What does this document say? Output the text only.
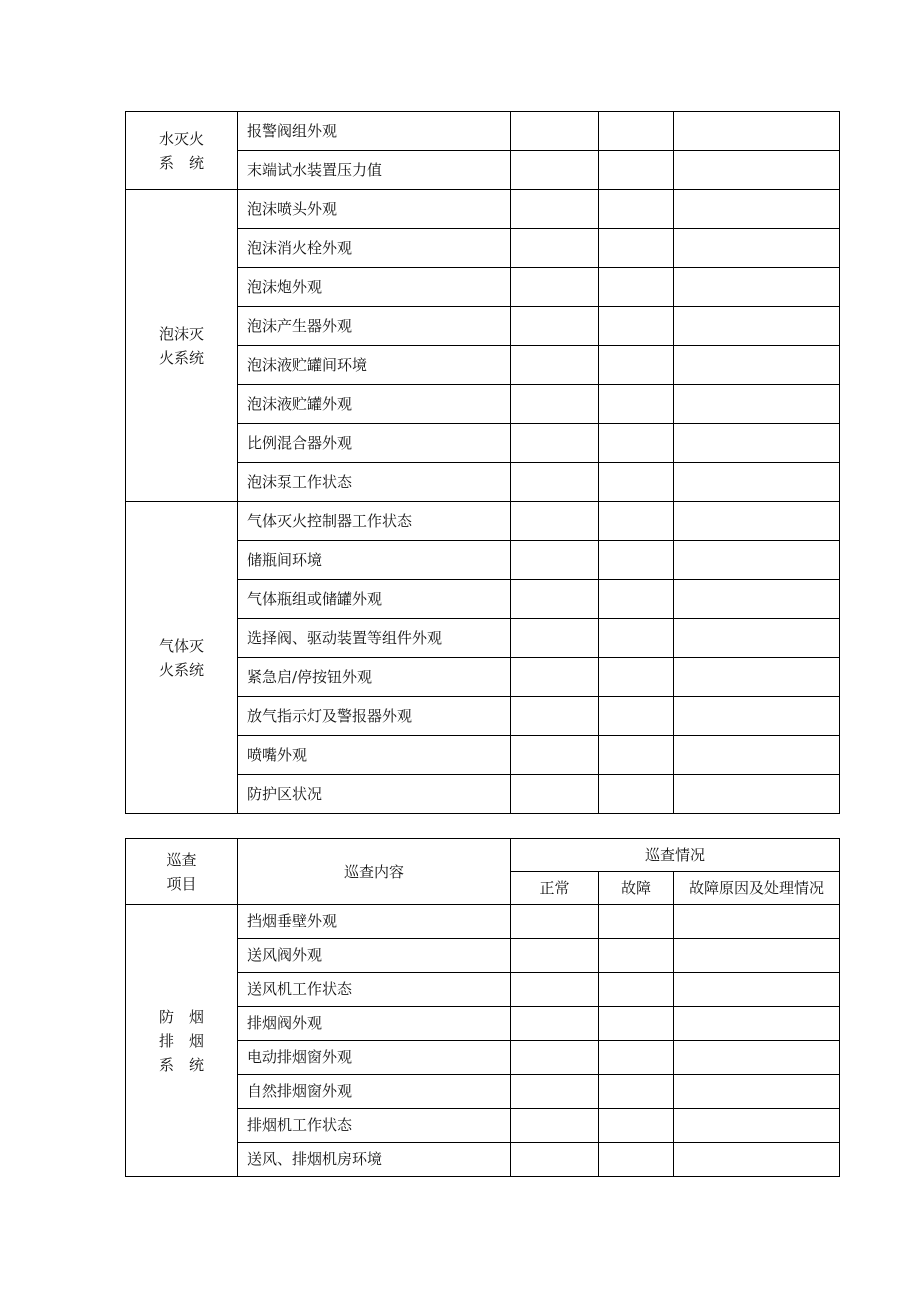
水灭火
系　统	报警阀组外观			
	末端试水装置压力值			

泡沫灭
火系统	泡沫喷头外观			
	泡沫消火栓外观			
	泡沫炮外观			
	泡沫产生器外观			
	泡沫液贮罐间环境			
	泡沫液贮罐外观			
	比例混合器外观			
	泡沫泵工作状态			

气体灭
火系统	气体灭火控制器工作状态			
	储瓶间环境			
	气体瓶组或储罐外观			
	选择阀、驱动装置等组件外观			
	紧急启/停按钮外观			
	放气指示灯及警报器外观			
	喷嘴外观			
	防护区状况			
巡查
项目	巡查内容	巡查情况		
		正常	故障	故障原因及处理情况

防　烟
排　烟
系　统	挡烟垂壁外观			
	送风阀外观			
	送风机工作状态			
	排烟阀外观			
	电动排烟窗外观			
	自然排烟窗外观			
	排烟机工作状态			
	送风、排烟机房环境			
